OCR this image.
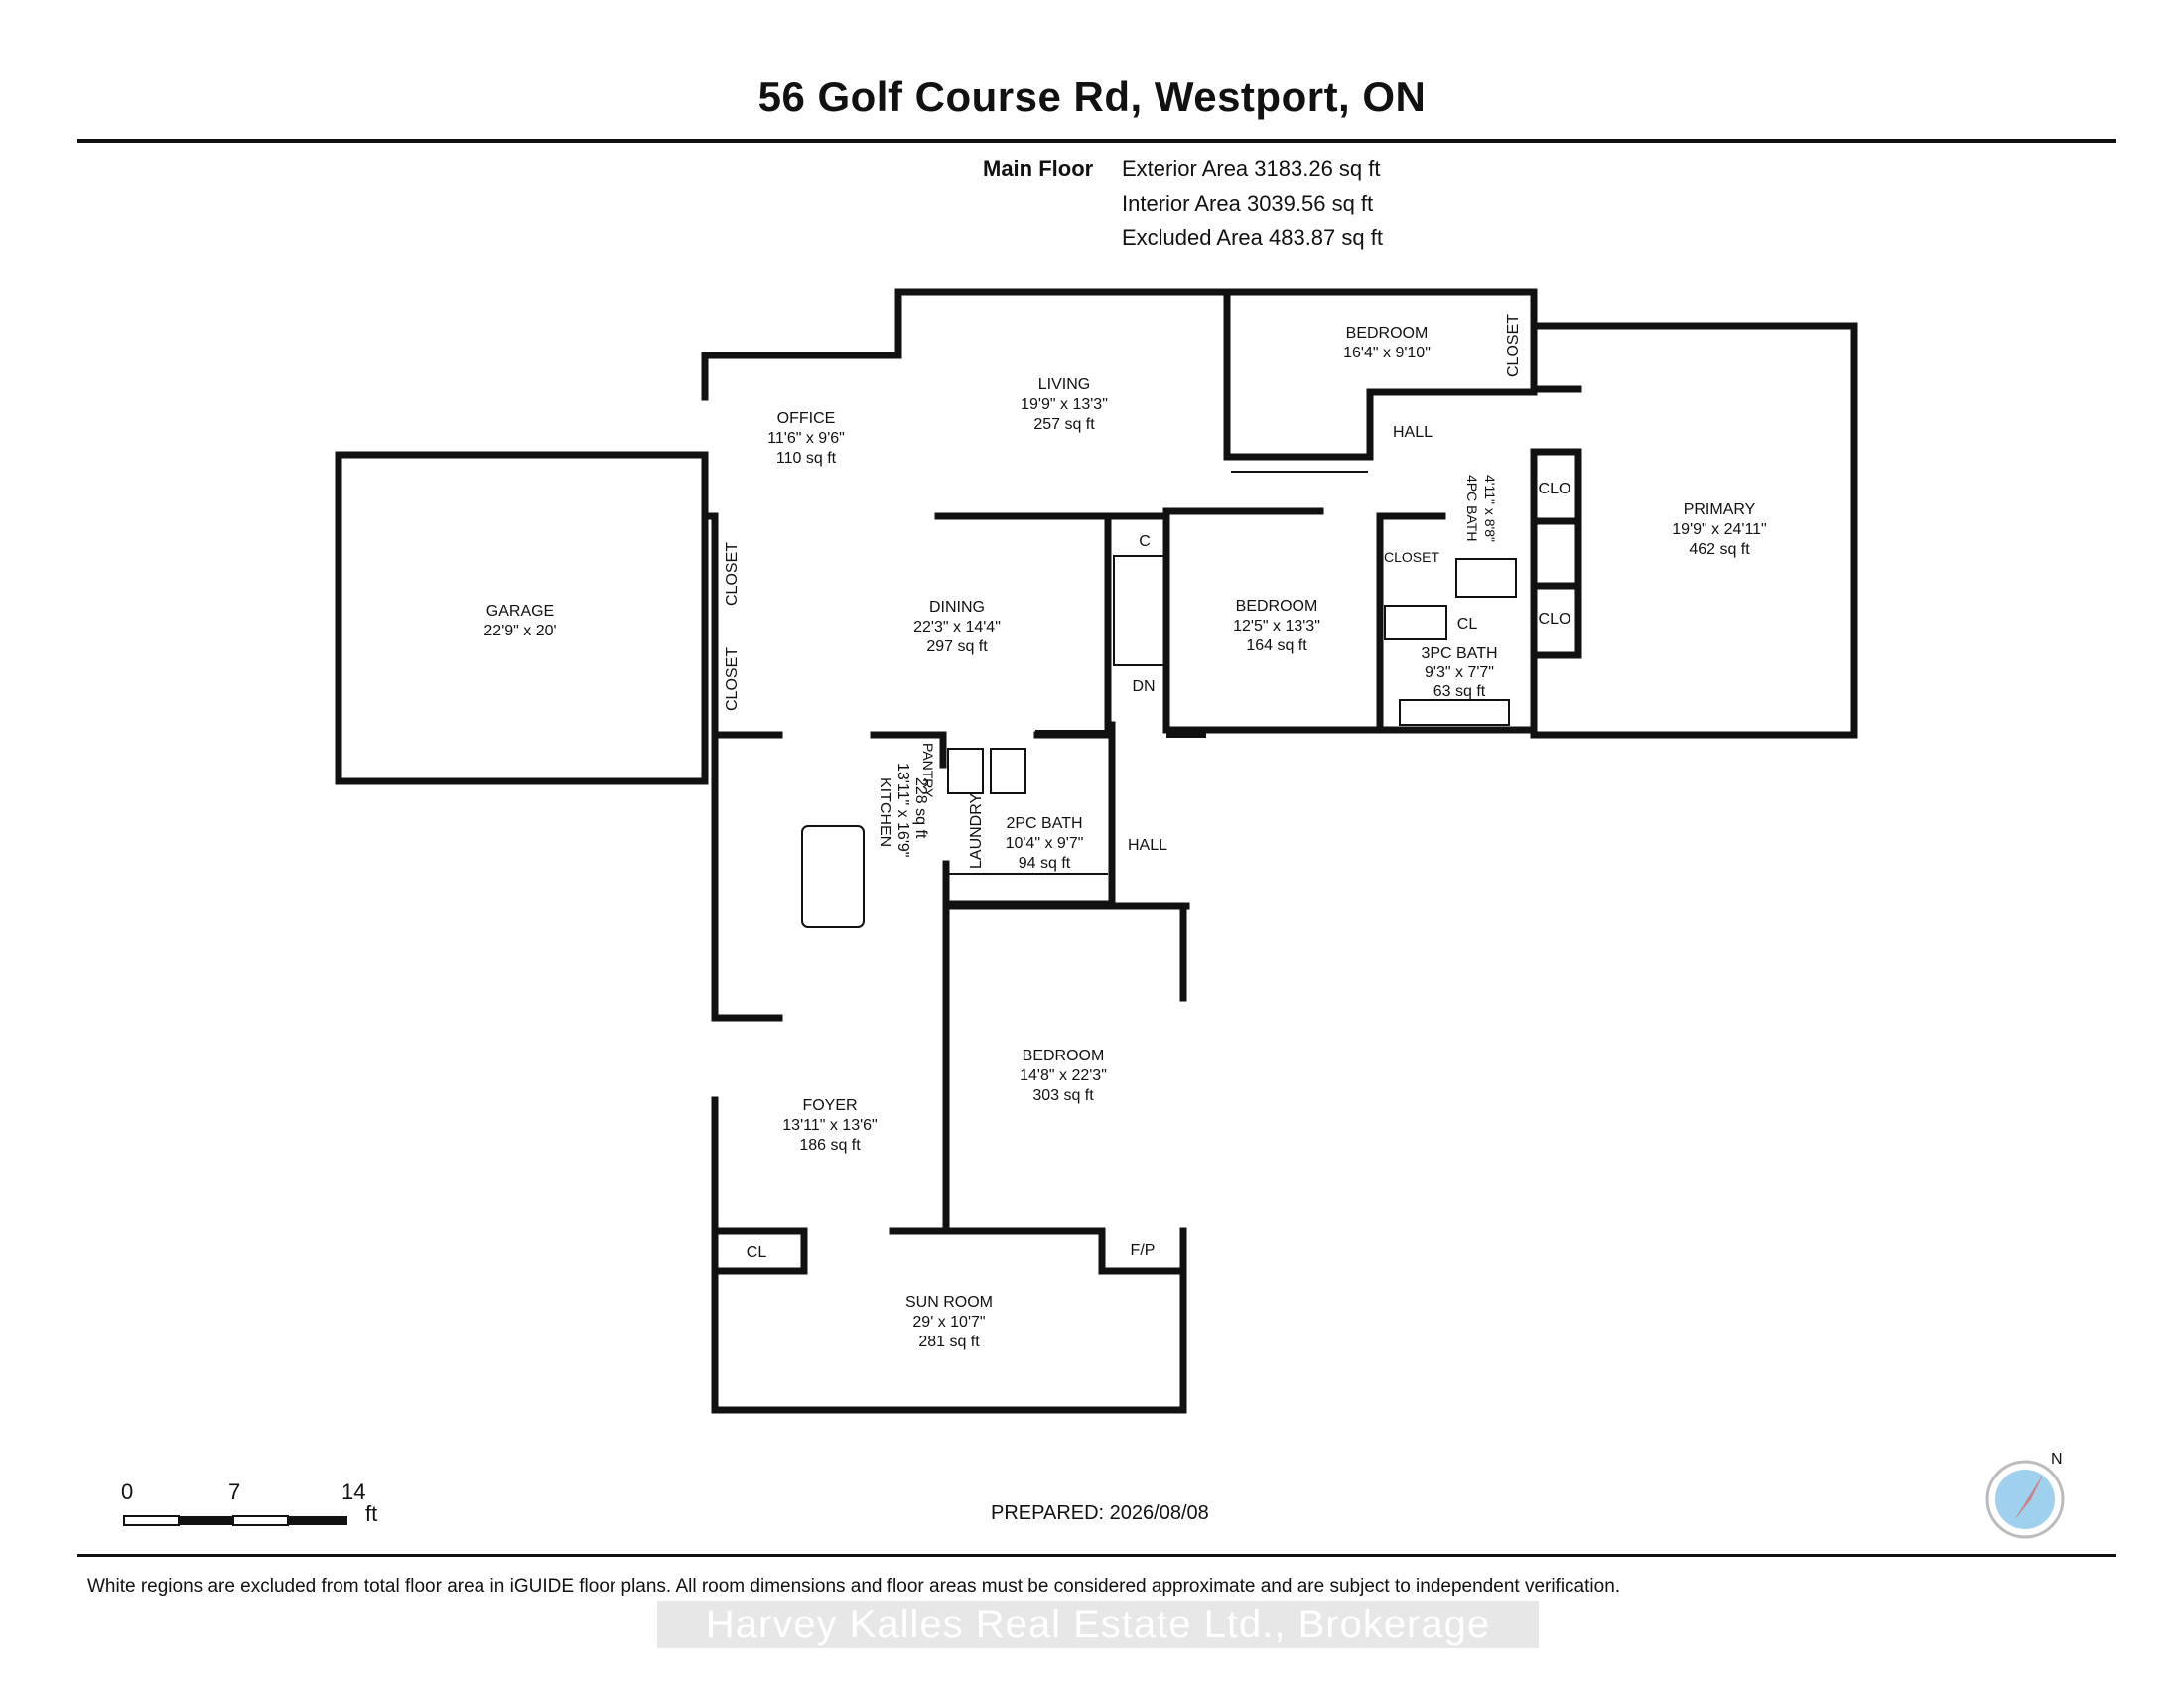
56 Golf Course Rd, Westport, ON
Main Floor Exterior Area 3183.26 sq ft
Interior Area 3039.56 sq ft
Excluded Area 483.87 sq ft
GARAGE
22'9" x 20'
OFFICE
11'6" x 9'6"
110 sq ft
LIVING
19'9" x 13'3"
257 sq ft
BEDROOM
16'4" x 9'10"
PRIMARY
19'9" x 24'11"
462 sq ft
DINING
22'3" x 14'4"
297 sq ft
BEDROOM
12'5" x 13'3"
164 sq ft	3PC BATH
9'3" x 7'7"
63 sq ft
4PC BATH 4'11" x 8'8"
KITCHEN 13'11" x 16'9" 228 sq ft	2PC BATH
10'4" x 9'7"
94 sq ft
BEDROOM
14'8" x 22'3"
303 sq ft
FOYER
13'11" x 13'6"
186 sq ft
SUN ROOM
29' x 10'7"
281 sq ft
CLOSET
CLOSET
CLOSET
CLOSET
HALL
HALL
CLO
CLO
CL
CL
C
DN
LAUNDRY
PANTRY
F/P
N
0	7	14
ft	PREPARED: 2026/08/08
White regions are excluded from total floor area in iGUIDE floor plans. All room dimensions and floor areas must be considered approximate and are subject to independent verification.
Harvey Kalles Real Estate Ltd., Brokerage
